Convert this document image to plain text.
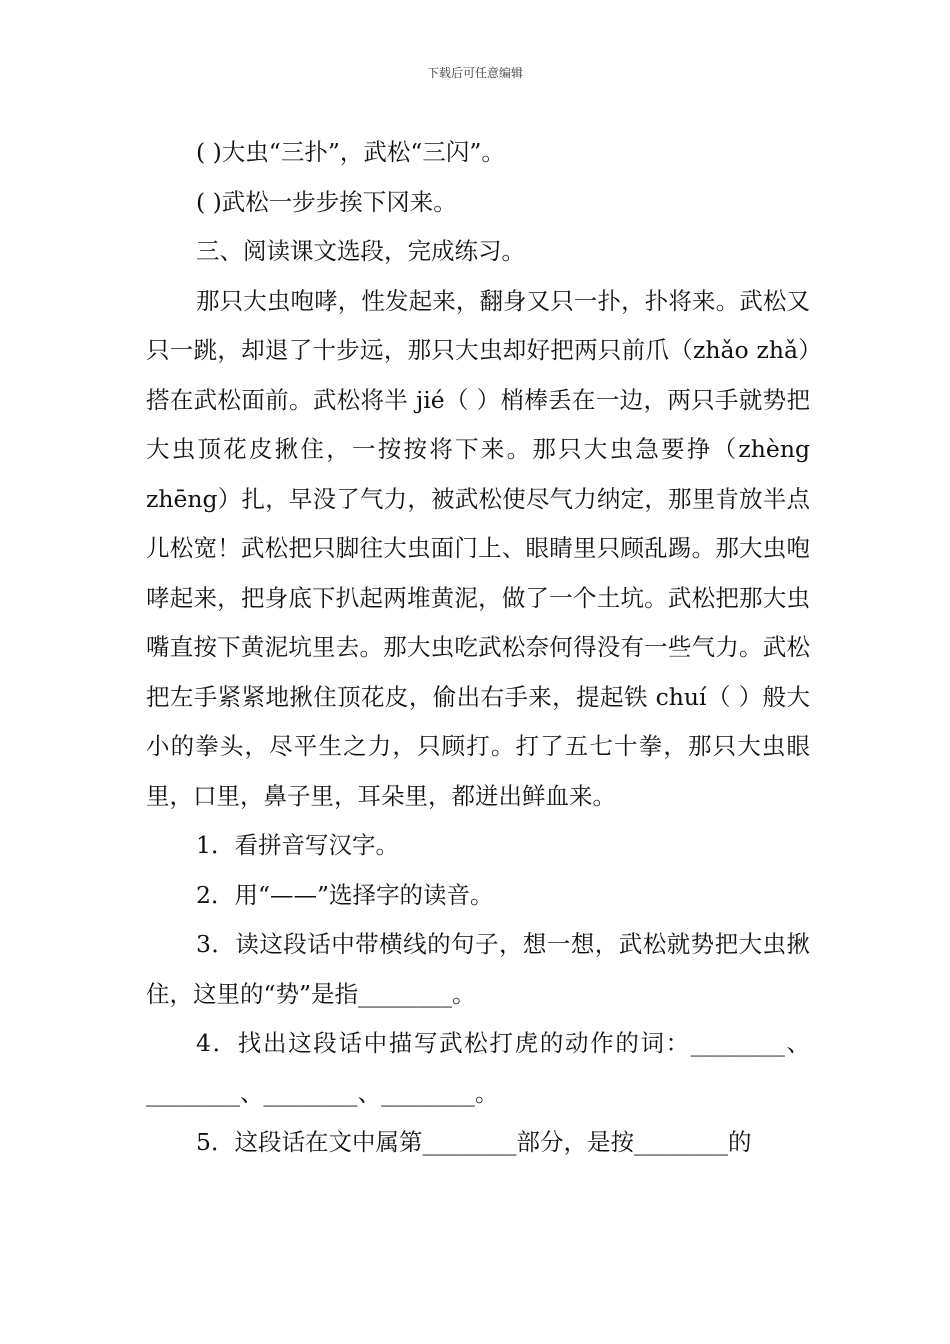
下载后可任意编辑

( )大虫“三扑”，武松“三闪”。

( )武松一步步挨下冈来。

三、阅读课文选段，完成练习。

那只大虫咆哮，性发起来，翻身又只一扑，扑将来。武松又只一跳，却退了十步远，那只大虫却好把两只前爪（zhǎo zhǎ）搭在武松面前。武松将半 jié（ ）梢棒丢在一边，两只手就势把大虫顶花皮揪住，一按按将下来。那只大虫急要挣（zhèng zhēng）扎，早没了气力，被武松使尽气力纳定，那里肯放半点儿松宽！武松把只脚往大虫面门上、眼睛里只顾乱踢。那大虫咆哮起来，把身底下扒起两堆黄泥，做了一个土坑。武松把那大虫嘴直按下黄泥坑里去。那大虫吃武松奈何得没有一些气力。武松把左手紧紧地揪住顶花皮，偷出右手来，提起铁 chuí（ ）般大小的拳头，尽平生之力，只顾打。打了五七十拳，那只大虫眼里，口里，鼻子里，耳朵里，都迸出鲜血来。

1．看拼音写汉字。

2．用“——”选择字的读音。

3．读这段话中带横线的句子，想一想，武松就势把大虫揪住，这里的“势”是指________。

4．找出这段话中描写武松打虎的动作的词：________、________、________、________。

5．这段话在文中属第________部分，是按________的
